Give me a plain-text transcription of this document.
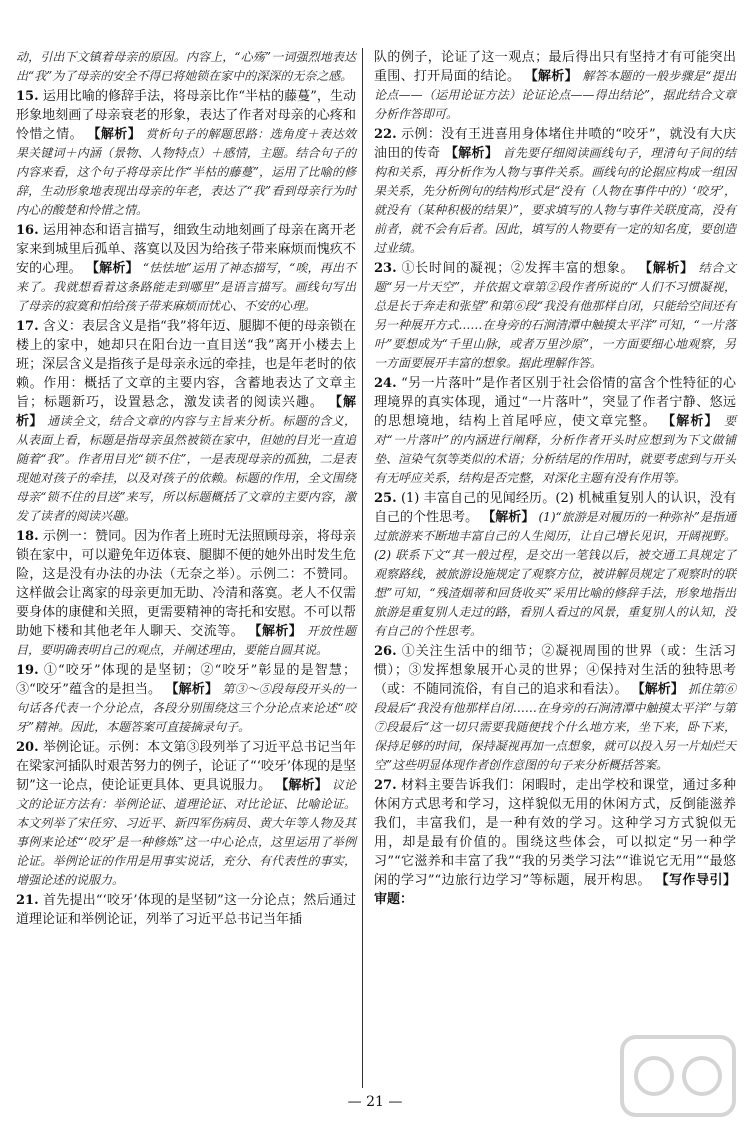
动，引出下文镇着母亲的原因。内容上，“心殇”一词强烈地表达出“我”为了母亲的安全不得已将她锁在家中的深深的无奈之感。
15. 运用比喻的修辞手法，将母亲比作“半枯的藤蔓”，生动形象地刻画了母亲衰老的形象，表达了作者对母亲的心疼和怜惜之情。 【解析】 赏析句子的解题思路：选角度＋表达效果关键词＋内涵（景物、人物特点）＋感情，主题。结合句子的内容来看，这个句子将母亲比作“半枯的藤蔓”，运用了比喻的修辞，生动形象地表现出母亲的年老，表达了“我”看到母亲行为时内心的酸楚和怜惜之情。
16. 运用神态和语言描写，细致生动地刻画了母亲在离开老家来到城里后孤单、落寞以及因为给孩子带来麻烦而愧疚不安的心理。 【解析】 “怯怯地”运用了神态描写，“唉，再出不来了。我就想看着这条路能走到哪里”是语言描写。画线句写出了母亲的寂寞和怕给孩子带来麻烦而忧心、不安的心理。
17. 含义：表层含义是指“我”将年迈、腿脚不便的母亲锁在楼上的家中，她却只在阳台边一直目送“我”离开小楼去上班；深层含义是指孩子是母亲永远的牵挂，也是年老时的依赖。作用：概括了文章的主要内容，含蓄地表达了文章主旨；标题新巧，设置悬念，激发读者的阅读兴趣。 【解析】 通读全文，结合文章的内容与主旨来分析。标题的含义，从表面上看，标题是指母亲虽然被锁在家中，但她的目光一直追随着“我”。作者用目光“锁不住”，一是表现母亲的孤独，二是表现她对孩子的牵挂，以及对孩子的依赖。标题的作用，全文围绕母亲“锁不住的目送”来写，所以标题概括了文章的主要内容，激发了读者的阅读兴趣。
18. 示例一：赞同。因为作者上班时无法照顾母亲，将母亲锁在家中，可以避免年迈体衰、腿脚不便的她外出时发生危险，这是没有办法的办法（无奈之举）。示例二：不赞同。这样做会让离家的母亲更加无助、冷清和落寞。老人不仅需要身体的康健和关照，更需要精神的寄托和安慰。不可以帮助她下楼和其他老年人聊天、交流等。 【解析】 开放性题目，要明确表明自己的观点，并阐述理由，要能自圆其说。
19. ①“咬牙”体现的是坚韧；②“咬牙”彰显的是智慧；③“咬牙”蕴含的是担当。 【解析】 第③～⑤段每段开头的一句话各代表一个分论点，各段分别围绕这三个分论点来论述“咬牙”精神。因此，本题答案可直接摘录句子。
20. 举例论证。示例：本文第③段列举了习近平总书记当年在梁家河插队时艰苦努力的例子，论证了“‘咬牙’体现的是坚韧”这一论点，使论证更具体、更具说服力。 【解析】 议论文的论证方法有：举例论证、道理论证、对比论证、比喻论证。本文列举了宋任穷、习近平、新四军伤病员、黄大年等人物及其事例来论述“‘咬牙’是一种修炼”这一中心论点，这里运用了举例论证。举例论证的作用是用事实说话，充分、有代表性的事实，增强论述的说服力。
21. 首先提出“‘咬牙’体现的是坚韧”这一分论点；然后通过道理论证和举例论证，列举了习近平总书记当年插
队的例子，论证了这一观点；最后得出只有坚持才有可能突出重围、打开局面的结论。 【解析】 解答本题的一般步骤是“提出论点——（运用论证方法）论证论点——得出结论”，据此结合文章分析作答即可。
22. 示例：没有王进喜用身体堵住井喷的“咬牙”，就没有大庆油田的传奇 【解析】 首先要仔细阅读画线句子，理清句子间的结构和关系，再分析作为人物与事件关系。画线句的论据应构成一组因果关系，先分析例句的结构形式是“没有（人物在事件中的）‘咬牙’，就没有（某种积极的结果）”，要求填写的人物与事件关联度高，没有前者，就不会有后者。因此，填写的人物要有一定的知名度，要创造过业绩。
23. ①长时间的凝视；②发挥丰富的想象。 【解析】 结合文题“另一片天空”，并依据文章第②段作者所说的“人们不习惯凝视，总是长于奔走和张望”和第⑥段“我没有他那样自闭，只能给空间还有另一种展开方式……在身旁的石涧清潭中触摸太平洋”可知，“一片落叶”要想成为“千里山脉，或者万里沙原”，一方面要细心地观察，另一方面要展开丰富的想象。据此理解作答。
24. “另一片落叶”是作者区别于社会俗情的富含个性特征的心理境界的真实体现，通过“一片落叶”，突显了作者宁静、悠远的思想境地，结构上首尾呼应，使文章完整。 【解析】 要对“一片落叶”的内涵进行阐释，分析作者开头时应想到为下文做铺垫、渲染气氛等类似的术语；分析结尾的作用时，就要考虑到与开头有无呼应关系，结构是否完整，对深化主题有没有作用等。
25. (1) 丰富自己的见闻经历。(2) 机械重复别人的认识，没有自己的个性思考。 【解析】 (1)“旅游是对履历的一种弥补”是指通过旅游来不断地丰富自己的人生阅历，让自己增长见识，开阔视野。(2) 联系下文“其一般过程，是交出一笔钱以后，被交通工具规定了观察路线，被旅游设施规定了观察方位，被讲解员规定了观察时的联想”可知，“残渣烟蒂和回货收买”采用比喻的修辞手法，形象地指出旅游是重复别人走过的路，看别人看过的风景，重复别人的认知，没有自己的个性思考。
26. ①关注生活中的细节；②凝视周围的世界（或：生活习惯）；③发挥想象展开心灵的世界；④保持对生活的独特思考（或：不随同流俗，有自己的追求和看法）。 【解析】 抓住第⑥段最后“我没有他那样自闭……在身旁的石涧清潭中触摸太平洋”与第⑦段最后“这一切只需要我随便找个什么地方来，坐下来，卧下来，保持足够的时间，保持凝视再加一点想象，就可以投入另一片灿烂天空”这些明显体现作者创作意图的句子来分析概括答案。
27. 材料主要告诉我们：闲暇时，走出学校和课堂，通过多种休闲方式思考和学习，这样貌似无用的休闲方式，反倒能滋养我们，丰富我们，是一种有效的学习。这种学习方式貌似无用，却是最有价值的。围绕这些体会，可以拟定“另一种学习”“它滋养和丰富了我”“我的另类学习法”“谁说它无用”“最悠闲的学习”“边旅行边学习”等标题，展开构思。 【写作导引】审题：
— 21 —
